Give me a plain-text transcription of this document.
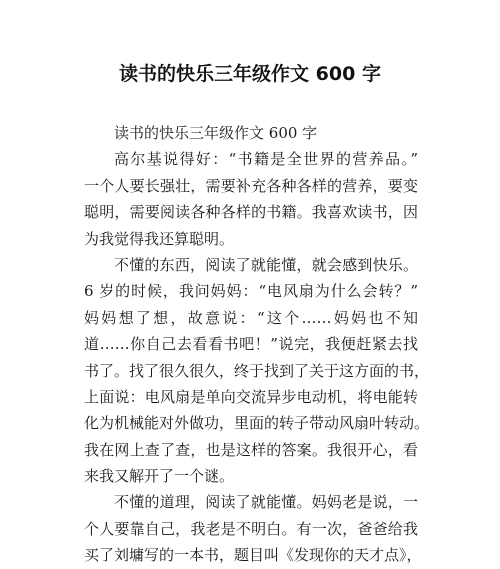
读书的快乐三年级作文 600 字
读书的快乐三年级作文 600 字
高尔基说得好：“书籍是全世界的营养品。”
一个人要长强壮，需要补充各种各样的营养，要变
聪明，需要阅读各种各样的书籍。我喜欢读书，因
为我觉得我还算聪明。
不懂的东西，阅读了就能懂，就会感到快乐。
6 岁的时候，我问妈妈：“电风扇为什么会转？”
妈妈想了想，故意说：“这个……妈妈也不知
道……你自己去看看书吧！”说完，我便赶紧去找
书了。找了很久很久，终于找到了关于这方面的书，
上面说：电风扇是单向交流异步电动机，将电能转
化为机械能对外做功，里面的转子带动风扇叶转动。
我在网上查了查，也是这样的答案。我很开心，看
来我又解开了一个谜。
不懂的道理，阅读了就能懂。妈妈老是说，一
个人要靠自己，我老是不明白。有一次，爸爸给我
买了刘墉写的一本书，题目叫《发现你的天才点》，
